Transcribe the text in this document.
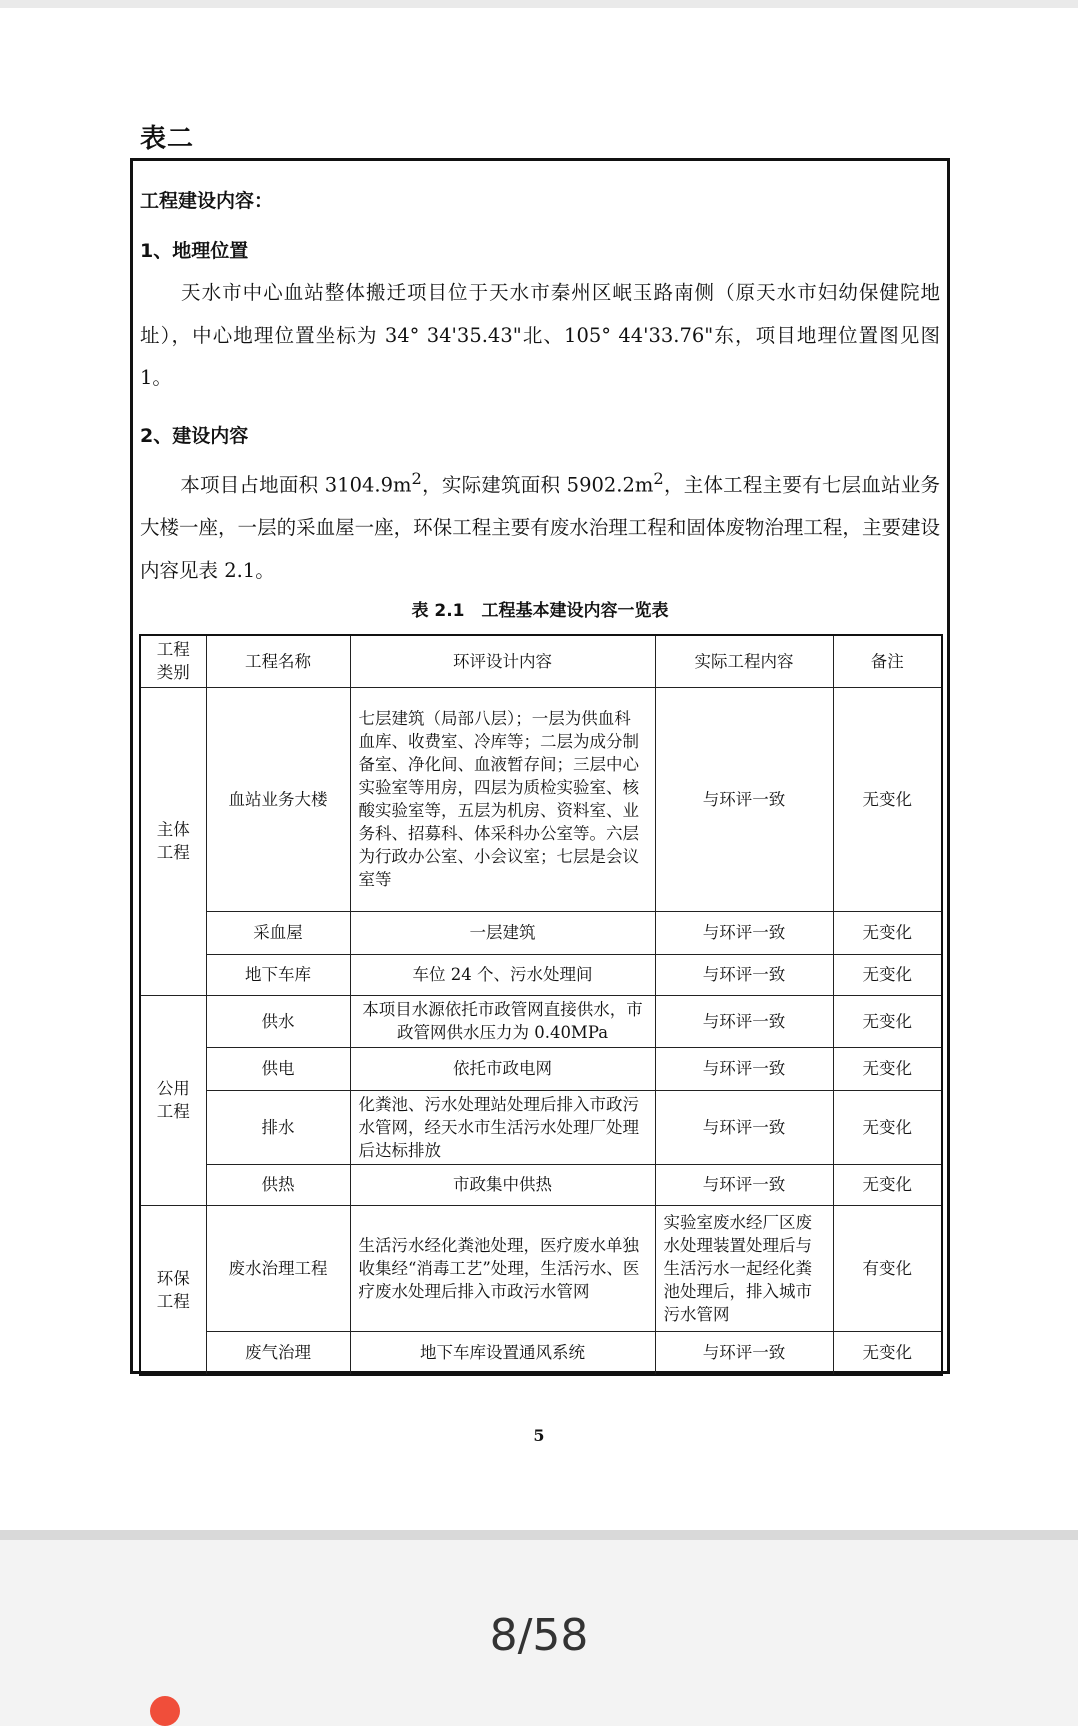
表二
工程建设内容：
1、地理位置
天水市中心血站整体搬迁项目位于天水市秦州区岷玉路南侧（原天水市妇幼保健院地址），中心地理位置坐标为 34° 34'35.43"北、105° 44'33.76"东，项目地理位置图见图 1。
2、建设内容
本项目占地面积 $3104.9m^2$，实际建筑面积 $5902.2m^2$，主体工程主要有七层血站业务大楼一座，一层的采血屋一座，环保工程主要有废水治理工程和固体废物治理工程，主要建设内容见表 2.1。
表 2.1　工程基本建设内容一览表
工程类别	工程名称	环评设计内容	实际工程内容	备注
主体工程	血站业务大楼	七层建筑（局部八层）；一层为供血科血库、收费室、冷库等；二层为成分制备室、净化间、血液暂存间；三层中心实验室等用房，四层为质检实验室、核酸实验室等，五层为机房、资料室、业务科、招募科、体采科办公室等。六层为行政办公室、小会议室；七层是会议室等	与环评一致	无变化
	采血屋	一层建筑	与环评一致	无变化
	地下车库	车位 24 个、污水处理间	与环评一致	无变化
公用工程	供水	本项目水源依托市政管网直接供水，市政管网供水压力为 0.40MPa	与环评一致	无变化
	供电	依托市政电网	与环评一致	无变化
	排水	化粪池、污水处理站处理后排入市政污水管网，经天水市生活污水处理厂处理后达标排放	与环评一致	无变化
	供热	市政集中供热	与环评一致	无变化
环保工程	废水治理工程	生活污水经化粪池处理，医疗废水单独收集经“消毒工艺”处理，生活污水、医疗废水处理后排入市政污水管网	实验室废水经厂区废水处理装置处理后与生活污水一起经化粪池处理后，排入城市污水管网	有变化
	废气治理	地下车库设置通风系统	与环评一致	无变化
5
8/58
